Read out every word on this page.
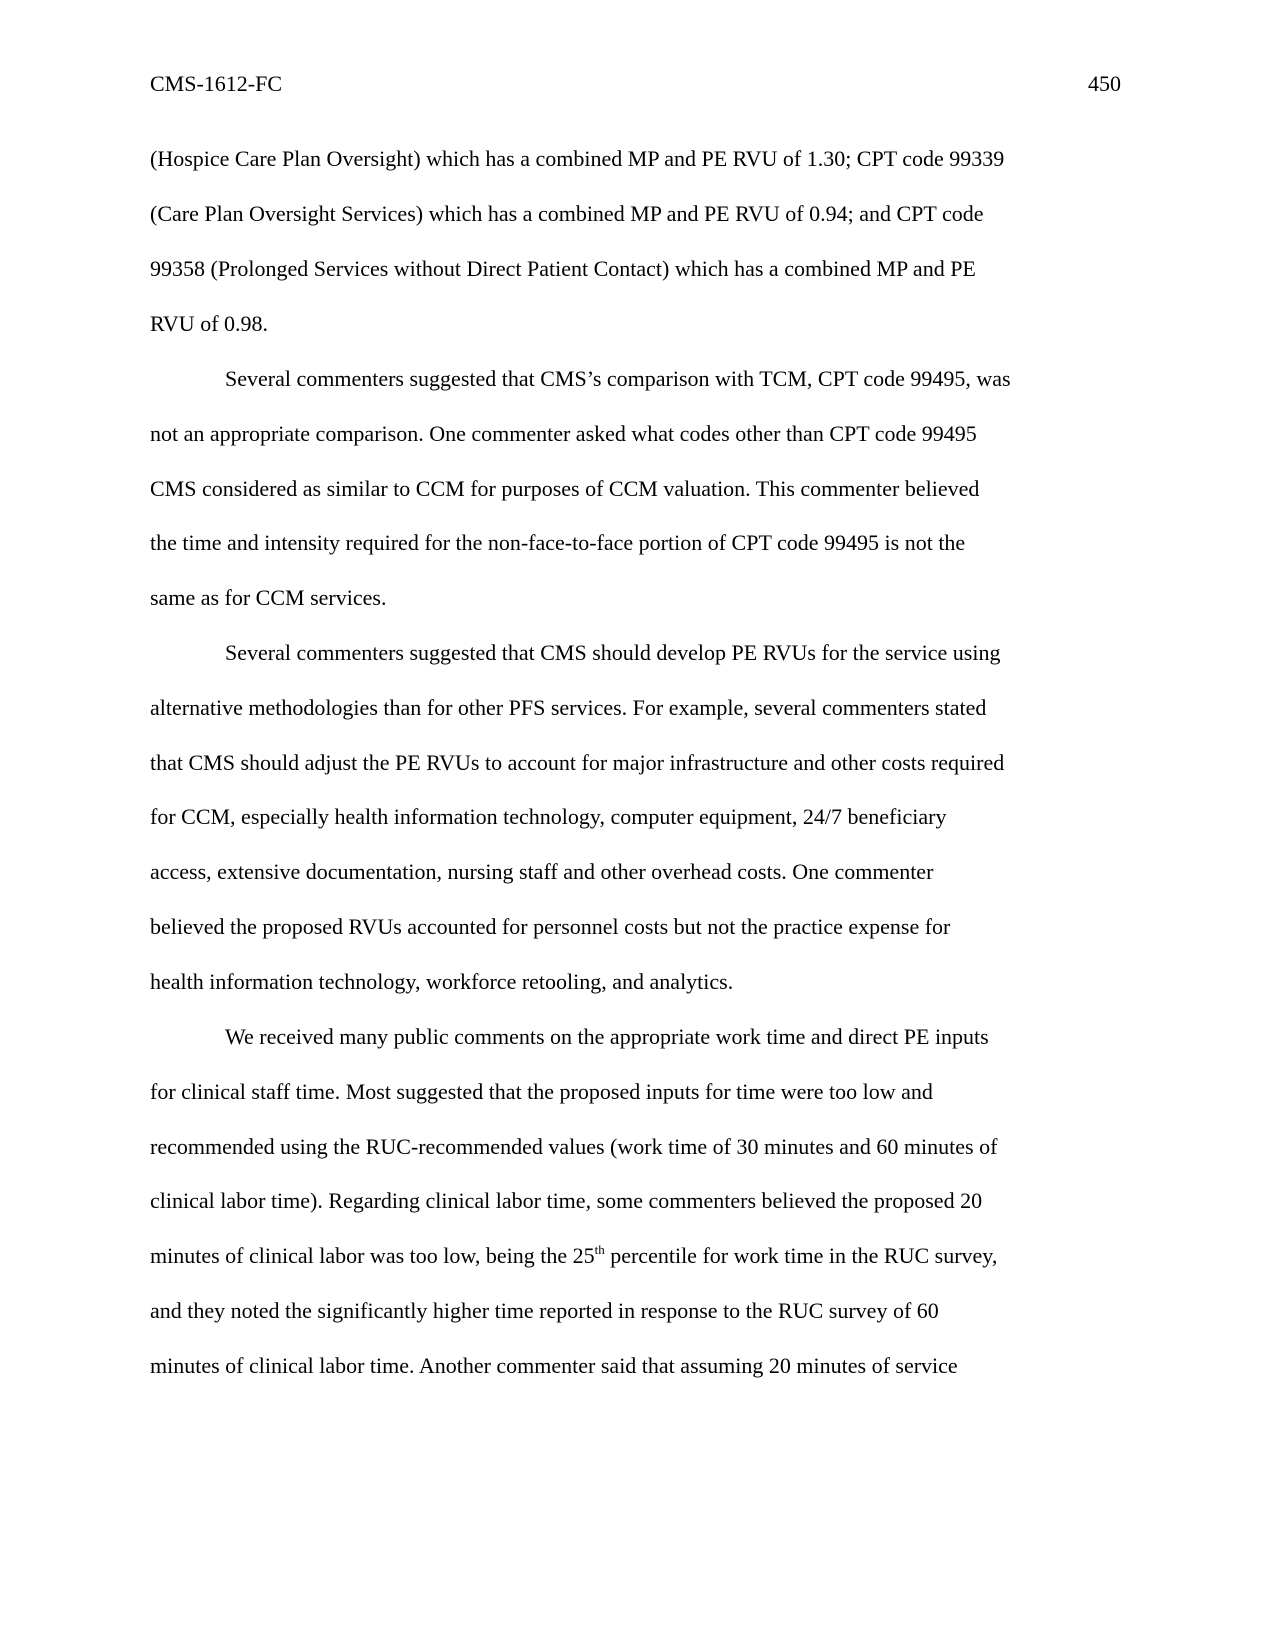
CMS-1612-FC	450
(Hospice Care Plan Oversight) which has a combined MP and PE RVU of 1.30; CPT code 99339
(Care Plan Oversight Services) which has a combined MP and PE RVU of 0.94; and CPT code
99358 (Prolonged Services without Direct Patient Contact) which has a combined MP and PE
RVU of 0.98.
Several commenters suggested that CMS’s comparison with TCM, CPT code 99495, was
not an appropriate comparison. One commenter asked what codes other than CPT code 99495
CMS considered as similar to CCM for purposes of CCM valuation. This commenter believed
the time and intensity required for the non-face-to-face portion of CPT code 99495 is not the
same as for CCM services.
Several commenters suggested that CMS should develop PE RVUs for the service using
alternative methodologies than for other PFS services. For example, several commenters stated
that CMS should adjust the PE RVUs to account for major infrastructure and other costs required
for CCM, especially health information technology, computer equipment, 24/7 beneficiary
access, extensive documentation, nursing staff and other overhead costs. One commenter
believed the proposed RVUs accounted for personnel costs but not the practice expense for
health information technology, workforce retooling, and analytics.
We received many public comments on the appropriate work time and direct PE inputs
for clinical staff time. Most suggested that the proposed inputs for time were too low and
recommended using the RUC-recommended values (work time of 30 minutes and 60 minutes of
clinical labor time). Regarding clinical labor time, some commenters believed the proposed 20
minutes of clinical labor was too low, being the 25th percentile for work time in the RUC survey,
and they noted the significantly higher time reported in response to the RUC survey of 60
minutes of clinical labor time. Another commenter said that assuming 20 minutes of service
